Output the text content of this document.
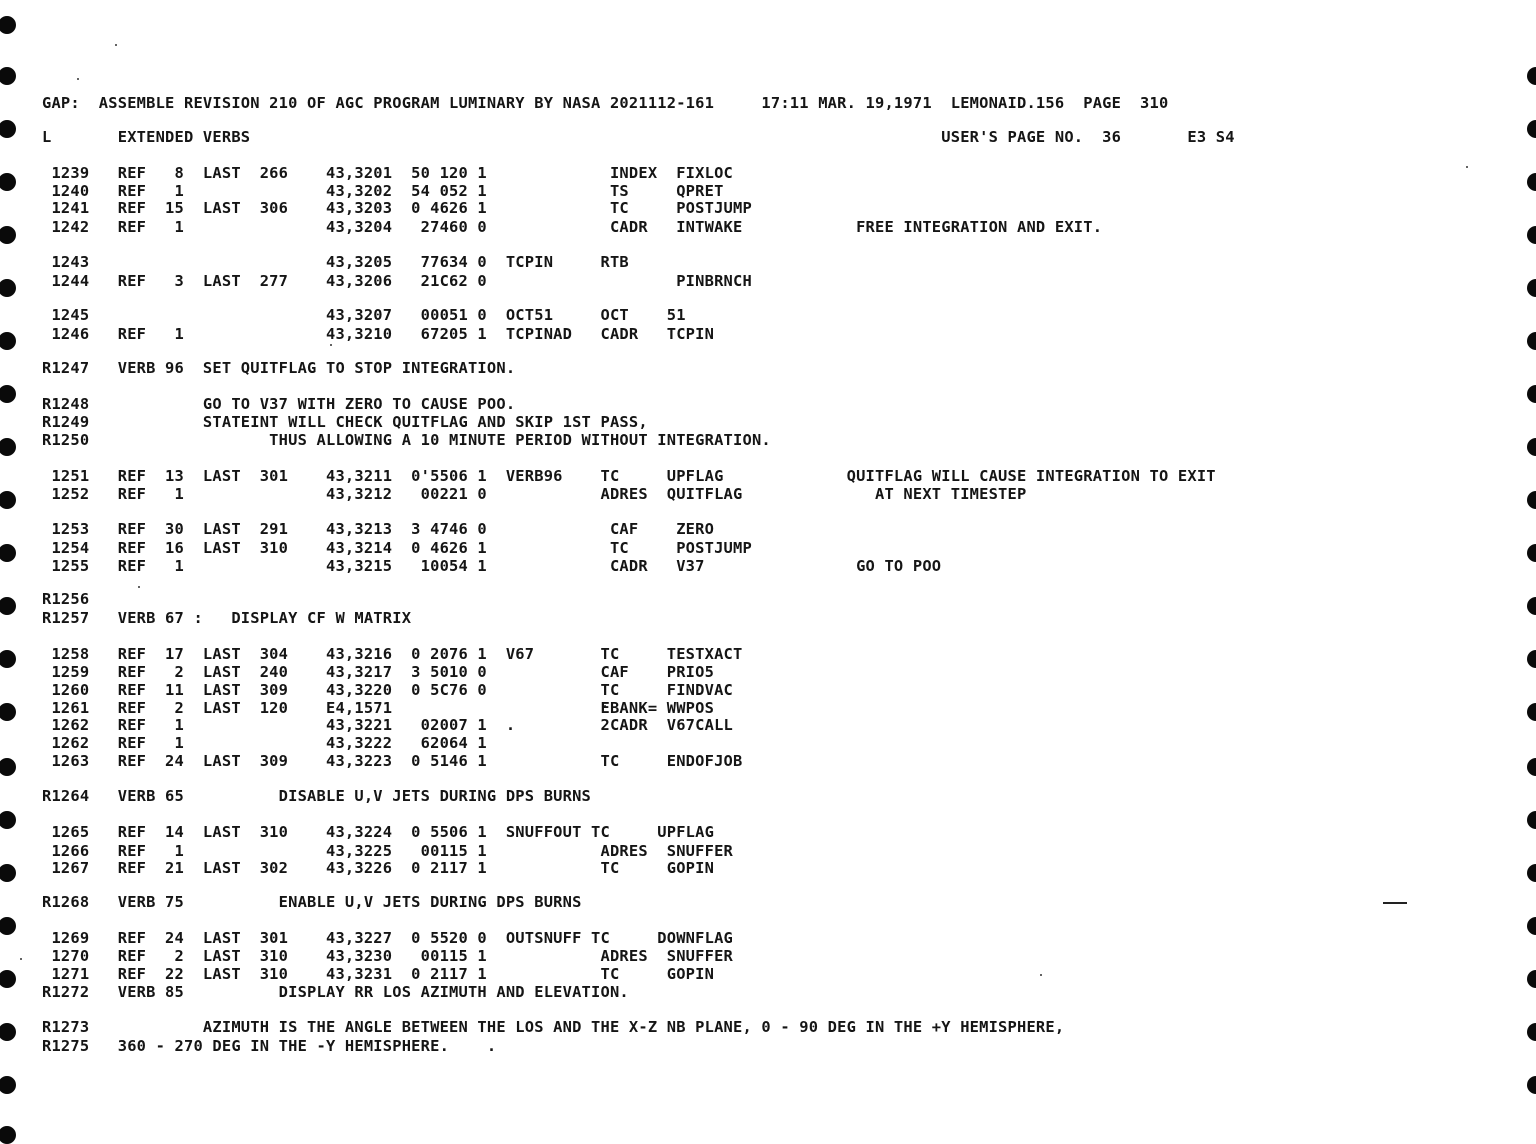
GAP:  ASSEMBLE REVISION 210 OF AGC PROGRAM LUMINARY BY NASA 2021112-161     17:11 MAR. 19,1971  LEMONAID.156  PAGE  310
L       EXTENDED VERBS                                                                         USER'S PAGE NO.  36       E3 S4
1239   REF   8  LAST  266    43,3201  50 120 1             INDEX  FIXLOC
1240   REF   1               43,3202  54 052 1             TS     QPRET
1241   REF  15  LAST  306    43,3203  0 4626 1             TC     POSTJUMP
1242   REF   1               43,3204   27460 0             CADR   INTWAKE            FREE INTEGRATION AND EXIT.
1243                         43,3205   77634 0  TCPIN     RTB
1244   REF   3  LAST  277    43,3206   21C62 0                    PINBRNCH
1245                         43,3207   00051 0  OCT51     OCT    51
1246   REF   1               43,3210   67205 1  TCPINAD   CADR   TCPIN
R1247   VERB 96  SET QUITFLAG TO STOP INTEGRATION.
R1248            GO TO V37 WITH ZERO TO CAUSE POO.
R1249            STATEINT WILL CHECK QUITFLAG AND SKIP 1ST PASS,
R1250                   THUS ALLOWING A 10 MINUTE PERIOD WITHOUT INTEGRATION.
1251   REF  13  LAST  301    43,3211  0'5506 1  VERB96    TC     UPFLAG             QUITFLAG WILL CAUSE INTEGRATION TO EXIT
1252   REF   1               43,3212   00221 0            ADRES  QUITFLAG              AT NEXT TIMESTEP
1253   REF  30  LAST  291    43,3213  3 4746 0             CAF    ZERO
1254   REF  16  LAST  310    43,3214  0 4626 1             TC     POSTJUMP
1255   REF   1               43,3215   10054 1             CADR   V37                GO TO POO
R1256
R1257   VERB 67 :   DISPLAY CF W MATRIX
1258   REF  17  LAST  304    43,3216  0 2076 1  V67       TC     TESTXACT
1259   REF   2  LAST  240    43,3217  3 5010 0            CAF    PRIO5
1260   REF  11  LAST  309    43,3220  0 5C76 0            TC     FINDVAC
1261   REF   2  LAST  120    E4,1571                      EBANK= WWPOS
1262   REF   1               43,3221   02007 1  .         2CADR  V67CALL
1262   REF   1               43,3222   62064 1
1263   REF  24  LAST  309    43,3223  0 5146 1            TC     ENDOFJOB
R1264   VERB 65          DISABLE U,V JETS DURING DPS BURNS
1265   REF  14  LAST  310    43,3224  0 5506 1  SNUFFOUT TC     UPFLAG
1266   REF   1               43,3225   00115 1            ADRES  SNUFFER
1267   REF  21  LAST  302    43,3226  0 2117 1            TC     GOPIN
R1268   VERB 75          ENABLE U,V JETS DURING DPS BURNS
1269   REF  24  LAST  301    43,3227  0 5520 0  OUTSNUFF TC     DOWNFLAG
1270   REF   2  LAST  310    43,3230   00115 1            ADRES  SNUFFER
1271   REF  22  LAST  310    43,3231  0 2117 1            TC     GOPIN
R1272   VERB 85          DISPLAY RR LOS AZIMUTH AND ELEVATION.
R1273            AZIMUTH IS THE ANGLE BETWEEN THE LOS AND THE X-Z NB PLANE, 0 - 90 DEG IN THE +Y HEMISPHERE,
R1275   360 - 270 DEG IN THE -Y HEMISPHERE.    .
